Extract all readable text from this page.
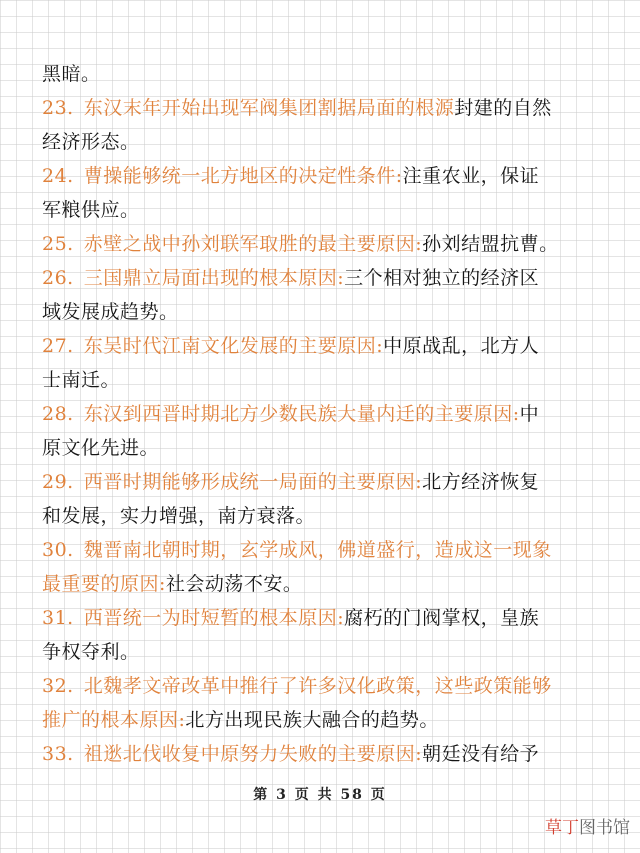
黑暗。
23. 东汉末年开始出现军阀集团割据局面的根源封建的自然
经济形态。
24. 曹操能够统一北方地区的决定性条件:注重农业，保证
军粮供应。
25. 赤壁之战中孙刘联军取胜的最主要原因:孙刘结盟抗曹。
26. 三国鼎立局面出现的根本原因:三个相对独立的经济区
域发展成趋势。
27. 东吴时代江南文化发展的主要原因:中原战乱，北方人
士南迁。
28. 东汉到西晋时期北方少数民族大量内迁的主要原因:中
原文化先进。
29. 西晋时期能够形成统一局面的主要原因:北方经济恢复
和发展，实力增强，南方衰落。
30. 魏晋南北朝时期，玄学成风，佛道盛行，造成这一现象
最重要的原因:社会动荡不安。
31. 西晋统一为时短暂的根本原因:腐朽的门阀掌权，皇族
争权夺利。
32. 北魏孝文帝改革中推行了许多汉化政策，这些政策能够
推广的根本原因:北方出现民族大融合的趋势。
33. 祖逖北伐收复中原努力失败的主要原因:朝廷没有给予
第 3 页 共 58 页
草丁图书馆
